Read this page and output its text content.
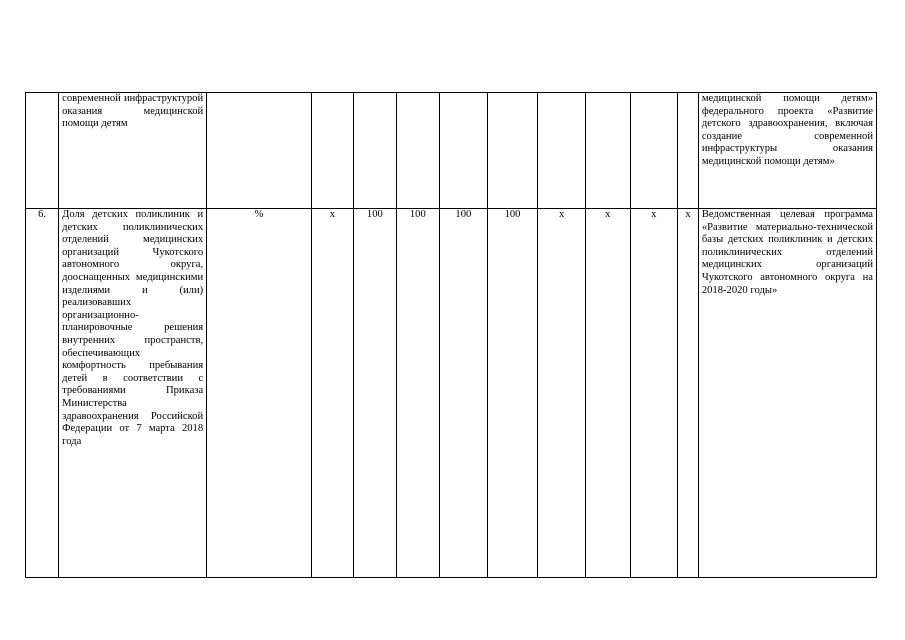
	современной инфраструктурой оказания медицинской помощи детям											медицинской помощи детям» федерального проекта «Развитие детского здравоохранения, включая создание современной инфраструктуры оказания медицинской помощи детям»
6.	Доля детских поликлиник и детских поликлинических отделений медицинских организаций Чукотского автономного округа, дооснащенных медицинскими изделиями и (или) реализовавших организационно-планировочные решения внутренних пространств, обеспечивающих комфортность пребывания детей в соответствии с требованиями Приказа Министерства здравоохранения Российской Федерации от 7 марта 2018 года	%	х	100	100	100	100	х	х	х	х	Ведомственная целевая программа «Развитие материально-технической базы детских поликлиник и детских поликлинических отделений медицинских организаций Чукотского автономного округа на 2018-2020 годы»
